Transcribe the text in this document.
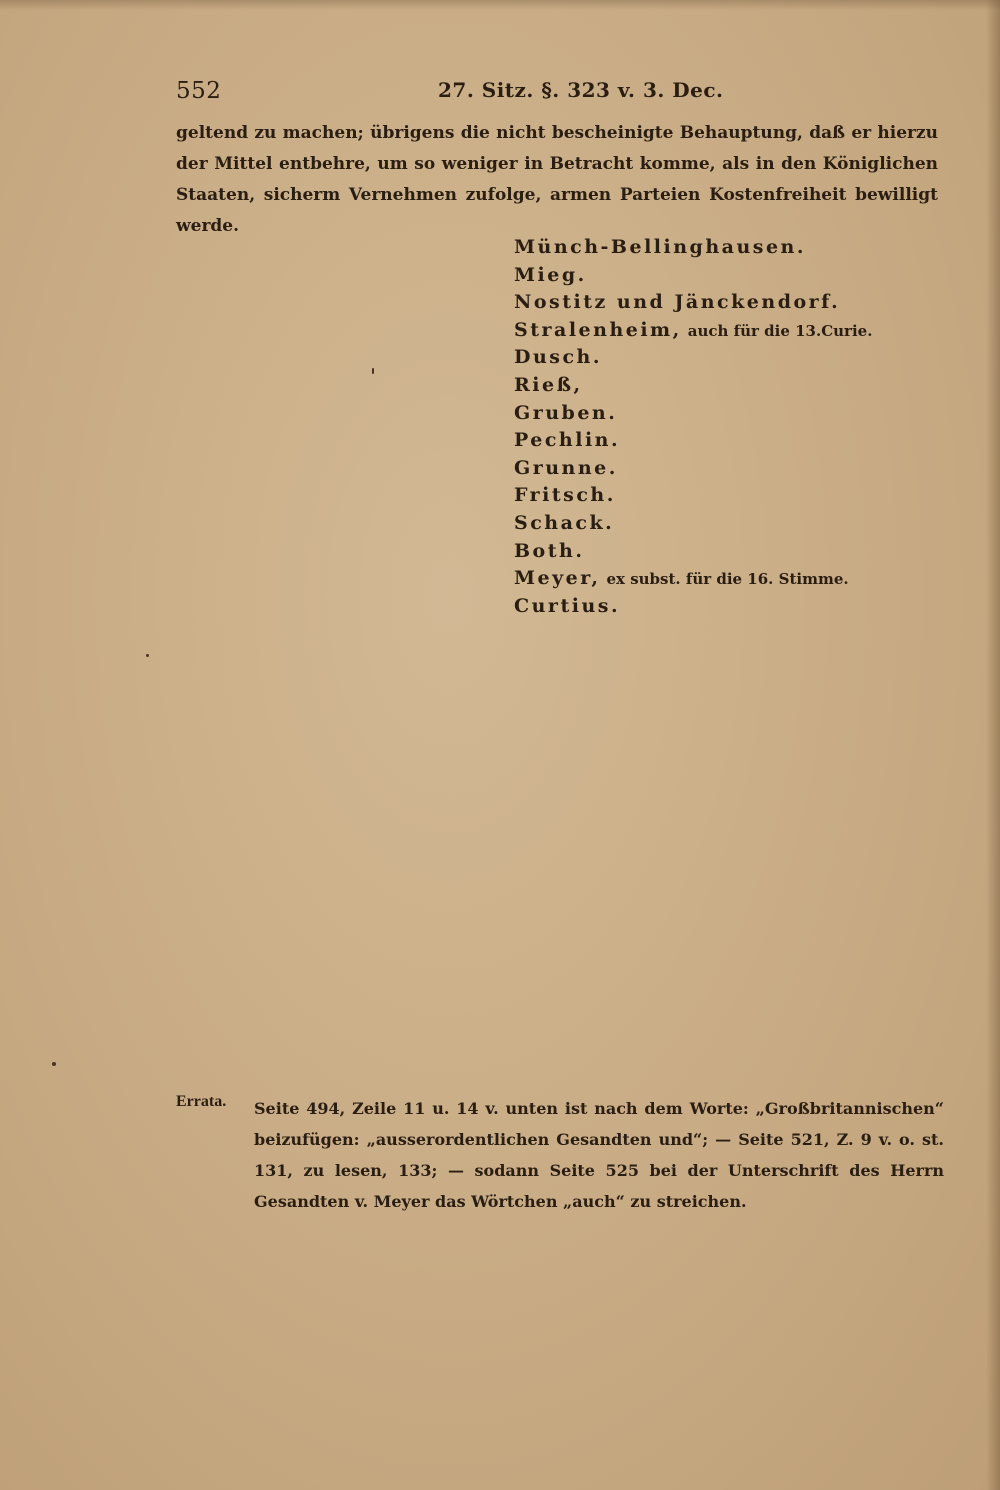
552	27. Sitz. §. 323 v. 3. Dec.
geltend zu machen; übrigens die nicht bescheinigte Behauptung, daß er hierzu der Mittel entbehre, um so weniger in Betracht komme, als in den Königlichen Staaten, sicherm Vernehmen zufolge, armen Parteien Kostenfreiheit bewilligt werde.
Münch-Bellinghausen.
Mieg.
Nostitz und Jänckendorf.
Stralenheim, auch für die 13.Curie.
Dusch.
Rieß,
Gruben.
Pechlin.
Grunne.
Fritsch.
Schack.
Both.
Meyer, ex subst. für die 16. Stimme.
Curtius.
Errata. Seite 494, Zeile 11 u. 14 v. unten ist nach dem Worte: „Großbritannischen“ beizufügen: „ausserordentlichen Gesandten und“; — Seite 521, Z. 9 v. o. st. 131, zu lesen, 133; — sodann Seite 525 bei der Unterschrift des Herrn Gesandten v. Meyer das Wörtchen „auch“ zu streichen.
